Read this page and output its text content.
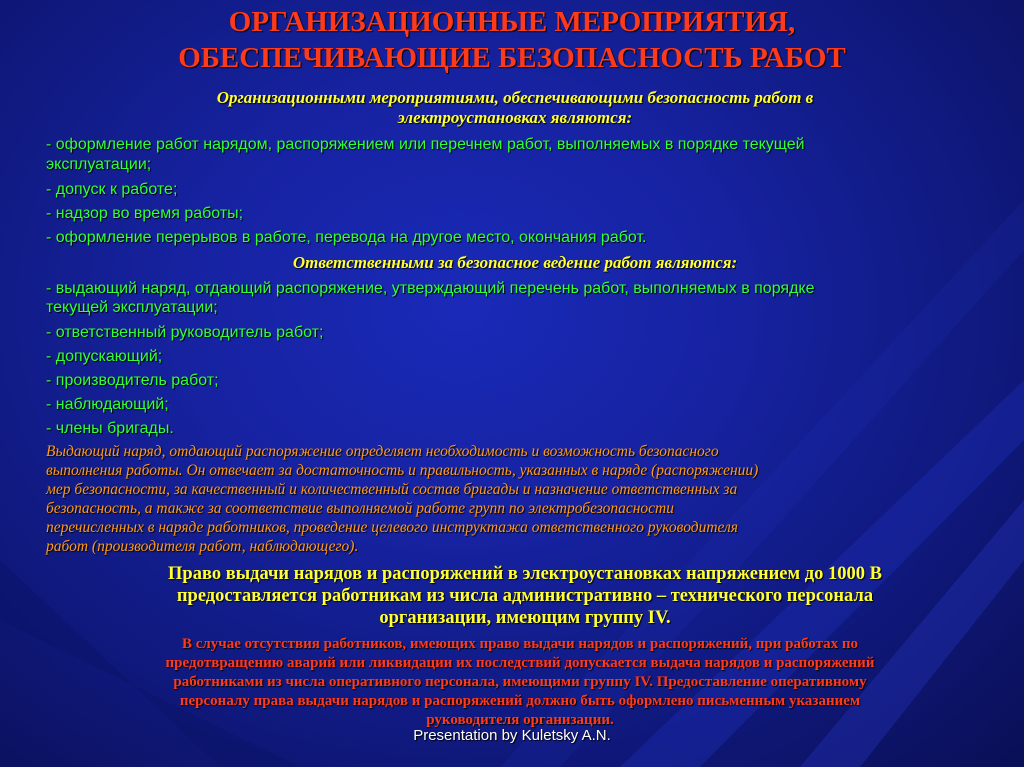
ОРГАНИЗАЦИОННЫЕ МЕРОПРИЯТИЯ,
ОБЕСПЕЧИВАЮЩИЕ БЕЗОПАСНОСТЬ РАБОТ
Организационными мероприятиями, обеспечивающими безопасность работ в
электроустановках являются:
- оформление работ нарядом, распоряжением или перечнем работ, выполняемых в порядке текущей
эксплуатации;
- допуск к работе;
- надзор во время работы;
- оформление перерывов в работе, перевода на другое место, окончания работ.
Ответственными за безопасное ведение работ являются:
- выдающий наряд, отдающий распоряжение, утверждающий перечень работ, выполняемых в порядке
текущей эксплуатации;
- ответственный руководитель работ;
- допускающий;
- производитель работ;
- наблюдающий;
- члены бригады.
Выдающий наряд, отдающий распоряжение определяет необходимость и возможность безопасного
выполнения работы. Он отвечает за достаточность и правильность, указанных в наряде (распоряжении)
мер безопасности, за качественный и количественный состав бригады и назначение ответственных за
безопасность, а также за соответствие выполняемой работе групп по электробезопасности
перечисленных в наряде работников, проведение целевого инструктажа ответственного руководителя
работ (производителя работ, наблюдающего).
Право выдачи нарядов и распоряжений в электроустановках напряжением до 1000 В
предоставляется работникам из числа административно – технического персонала
организации, имеющим группу IV.
В случае отсутствия работников, имеющих право выдачи нарядов и распоряжений, при работах по
предотвращению аварий или ликвидации их последствий допускается выдача нарядов и распоряжений
работниками из числа оперативного персонала, имеющими группу IV. Предоставление оперативному
персоналу права выдачи нарядов и распоряжений должно быть оформлено письменным указанием
руководителя организации.
Presentation by Kuletsky A.N.
